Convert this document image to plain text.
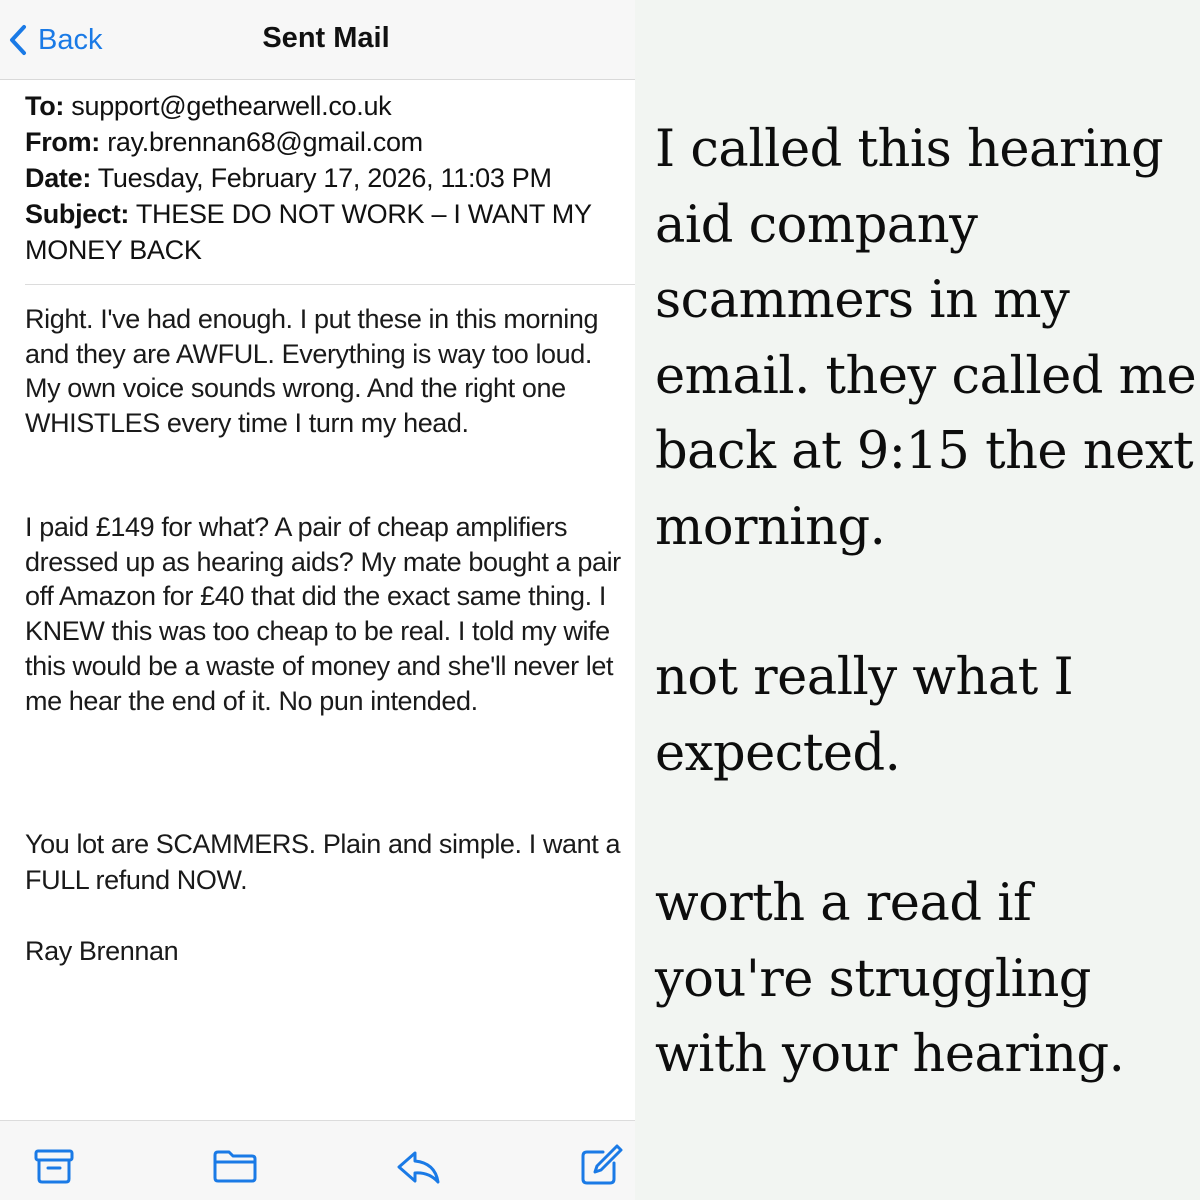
Back	Sent Mail
To: support@gethearwell.co.uk
From: ray.brennan68@gmail.com
Date: Tuesday, February 17, 2026, 11:03 PM
Subject: THESE DO NOT WORK – I WANT MY MONEY BACK

Right. I've had enough. I put these in this morning and they are AWFUL. Everything is way too loud. My own voice sounds wrong. And the right one WHISTLES every time I turn my head.

I paid £149 for what? A pair of cheap amplifiers dressed up as hearing aids? My mate bought a pair off Amazon for £40 that did the exact same thing. I KNEW this was too cheap to be real. I told my wife this would be a waste of money and she'll never let me hear the end of it. No pun intended.

You lot are SCAMMERS. Plain and simple. I want a FULL refund NOW.

Ray Brennan

I called this hearing aid company scammers in my email. they called me back at 9:15 the next morning.

not really what I expected.

worth a read if you're struggling with your hearing.
